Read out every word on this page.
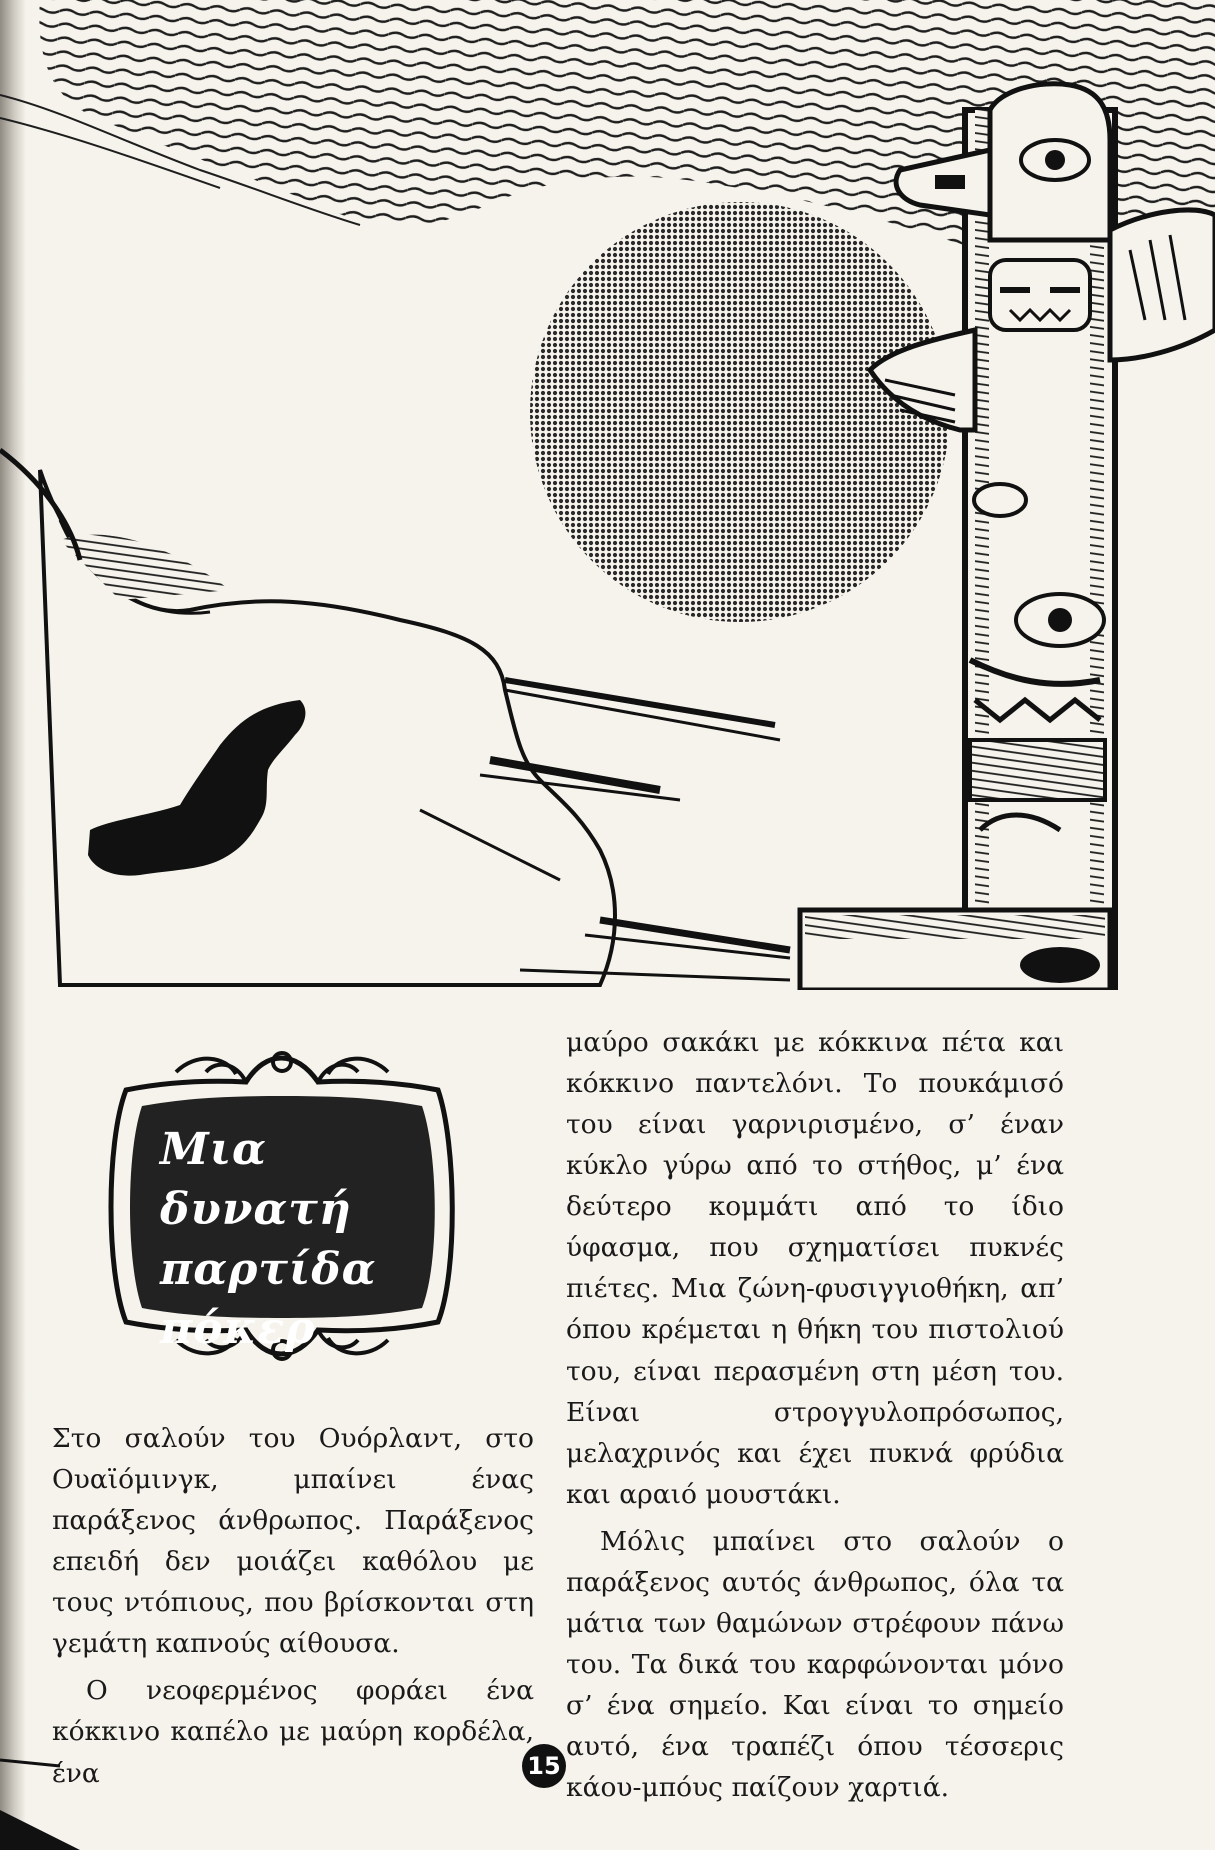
Μια δυνατή
παρτίδα
πόκερ

μαύρο σακάκι με κόκκινα πέτα και κόκκινο παντελόνι. Το πουκάμισό του είναι γαρνιρισμένο, σ’ έναν κύκλο γύρω από το στήθος, μ’ ένα δεύτερο κομμάτι από το ίδιο ύφασμα, που σχηματίσει πυκνές πιέτες. Μια ζώνη-φυσιγγιοθήκη, απ’ όπου κρέμεται η θήκη του πιστολιού του, είναι περασμένη στη μέση του. Είναι στρογγυλοπρόσωπος, μελαχρινός και έχει πυκνά φρύδια και αραιό μουστάκι.

Μόλις μπαίνει στο σαλούν ο παράξενος αυτός άνθρωπος, όλα τα μάτια των θαμώνων στρέφουν πάνω του. Τα δικά του καρφώνονται μόνο σ’ ένα σημείο. Και είναι το σημείο αυτό, ένα τραπέζι όπου τέσσερις κάου-μπόυς παίζουν χαρτιά.

Στο σαλούν του Ουόρλαντ, στο Ουαϊόμινγκ, μπαίνει ένας παράξενος άνθρωπος. Παράξενος επειδή δεν μοιάζει καθόλου με τους ντόπιους, που βρίσκονται στη γεμάτη καπνούς αίθουσα.

Ο νεοφερμένος φοράει ένα κόκκινο καπέλο με μαύρη κορδέλα, ένα	15
